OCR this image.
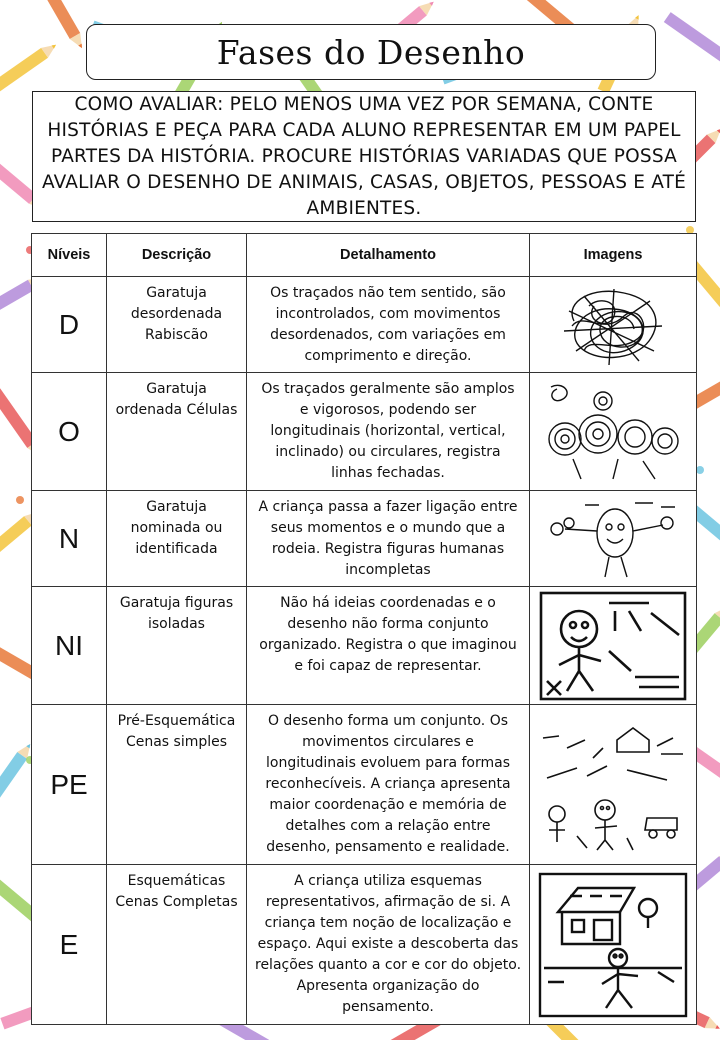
Fases do Desenho

COMO AVALIAR: PELO MENOS UMA VEZ POR SEMANA, CONTE HISTÓRIAS E PEÇA PARA CADA ALUNO REPRESENTAR EM UM PAPEL PARTES DA HISTÓRIA. PROCURE HISTÓRIAS VARIADAS QUE POSSA AVALIAR O DESENHO DE ANIMAIS, CASAS, OBJETOS, PESSOAS E ATÉ AMBIENTES.

Níveis	Descrição	Detalhamento	Imagens
D	Garatuja desordenada Rabiscão	Os traçados não tem sentido, são incontrolados, com movimentos desordenados, com variações em comprimento e direção.	

O	Garatuja ordenada Células	Os traçados geralmente são amplos e vigorosos, podendo ser longitudinais (horizontal, vertical, inclinado) ou circulares, registra linhas fechadas.	

N	Garatuja nominada ou identificada	A criança passa a fazer ligação entre seus momentos e o mundo que a rodeia. Registra figuras humanas incompletas	

NI	Garatuja figuras isoladas	Não há ideias coordenadas e o desenho não forma conjunto organizado. Registra o que imaginou e foi capaz de representar.	

PE	Pré-Esquemática Cenas simples	O desenho forma um conjunto. Os movimentos circulares e longitudinais evoluem para formas reconhecíveis. A criança apresenta maior coordenação e memória de detalhes com a relação entre desenho, pensamento e realidade.	

E	Esquemáticas Cenas Completas	A criança utiliza esquemas representativos, afirmação de si. A criança tem noção de localização e espaço. Aqui existe a descoberta das relações quanto a cor e cor do objeto. Apresenta organização do pensamento.	
